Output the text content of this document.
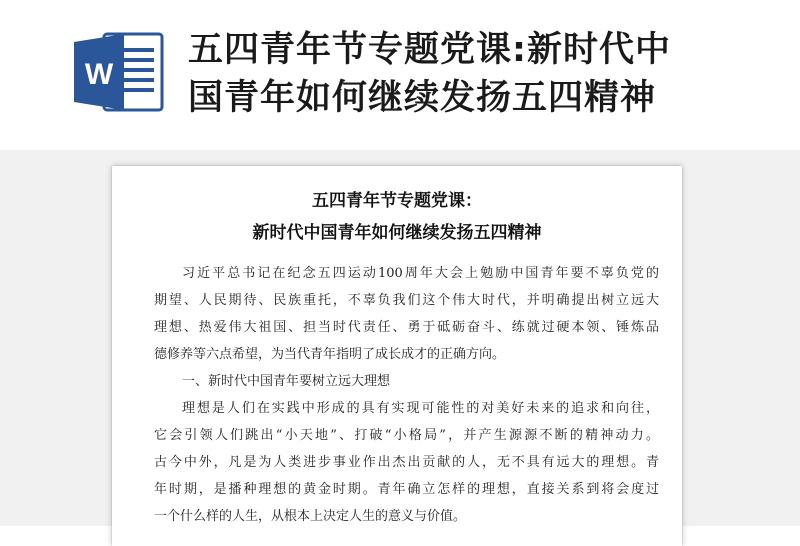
W
五四青年节专题党课:新时代中
国青年如何继续发扬五四精神
五四青年节专题党课：
新时代中国青年如何继续发扬五四精神
习近平总书记在纪念五四运动100周年大会上勉励中国青年要不辜负党的
期望、人民期待、民族重托，不辜负我们这个伟大时代，并明确提出树立远大
理想、热爱伟大祖国、担当时代责任、勇于砥砺奋斗、练就过硬本领、锤炼品
德修养等六点希望，为当代青年指明了成长成才的正确方向。
一、新时代中国青年要树立远大理想
理想是人们在实践中形成的具有实现可能性的对美好未来的追求和向往，
它会引领人们跳出“小天地”、打破“小格局”，并产生源源不断的精神动力。
古今中外，凡是为人类进步事业作出杰出贡献的人，无不具有远大的理想。青
年时期，是播种理想的黄金时期。青年确立怎样的理想，直接关系到将会度过
一个什么样的人生，从根本上决定人生的意义与价值。
